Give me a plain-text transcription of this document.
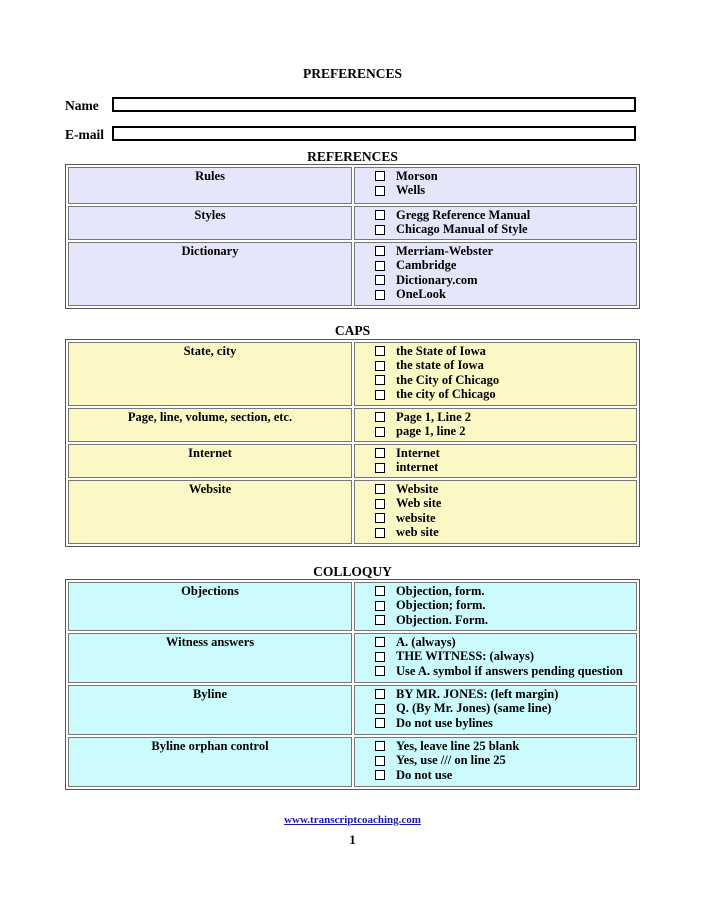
PREFERENCES
Name
E-mail
REFERENCES
Rules	Morson
Wells

Styles	Gregg Reference Manual
Chicago Manual of Style

Dictionary	Merriam-Webster
Cambridge
Dictionary.com
OneLook
CAPS
State, city	the State of Iowa
the state of Iowa
the City of Chicago
the city of Chicago

Page, line, volume, section, etc.	Page 1, Line 2
page 1, line 2

Internet	Internet
internet

Website	Website
Web site
website
web site
COLLOQUY
Objections	Objection, form.
Objection; form.
Objection. Form.

Witness answers	A. (always)
THE WITNESS: (always)
Use A. symbol if answers pending question

Byline	BY MR. JONES: (left margin)
Q. (By Mr. Jones) (same line)
Do not use bylines

Byline orphan control	Yes, leave line 25 blank
Yes, use /// on line 25
Do not use
www.transcriptcoaching.com
1
